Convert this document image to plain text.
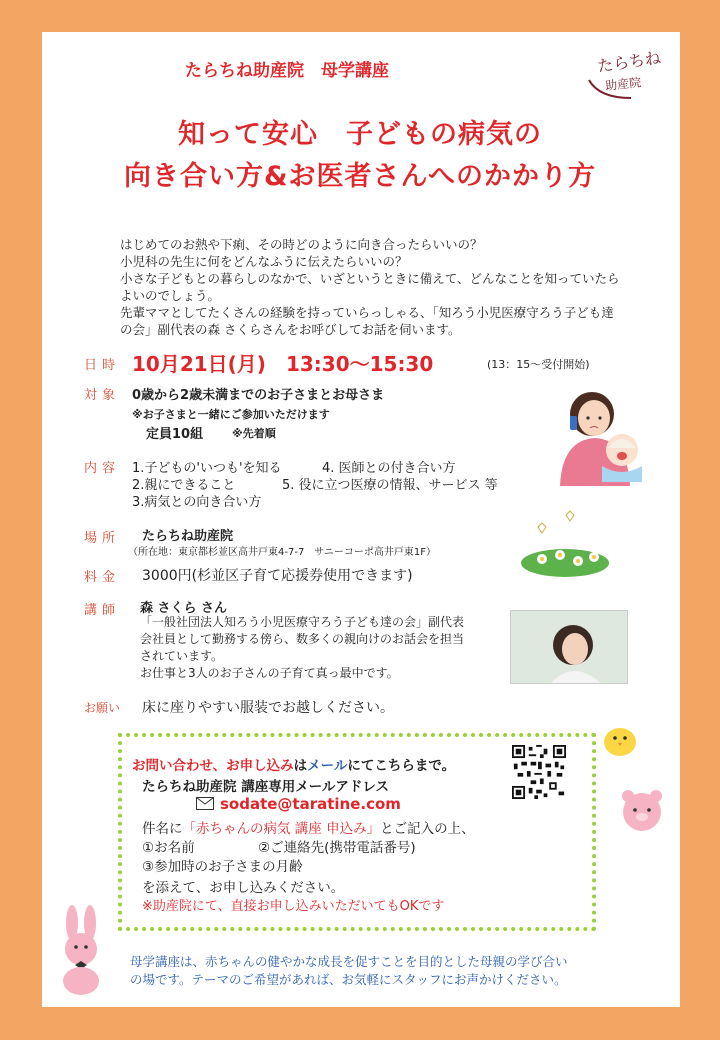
たらちね助産院　母学講座	たらちね
助産院
知って安心　子どもの病気の
向き合い方&お医者さんへのかかり方

はじめてのお熱や下痢、その時どのように向き合ったらいいの？

小児科の先生に何をどんなふうに伝えたらいいの？

小さな子どもとの暮らしのなかで、いざというときに備えて、どんなことを知っていたら

よいのでしょう。

先輩ママとしてたくさんの経験を持っていらっしゃる、「知ろう小児医療守ろう子ども達

の会」副代表の森 さくらさんをお呼びしてお話を伺います。

日時 10月21日(月)　13:30〜15:30	(13：15〜受付開始)
対象 0歳から2歳未満までのお子さまとお母さま
※お子さまと一緒にご参加いただけます
定員10組	※先着順
内容 1.子どもの'いつも'を知る	4. 医師との付き合い方
2.親にできること	5. 役に立つ医療の情報、サービス 等
3.病気との向き合い方
場所 たらちね助産院
（所在地：東京都杉並区高井戸東4-7-7　サニーコーポ高井戸東1F）
料金 3000円(杉並区子育て応援券使用できます)
講師 森 さくら さん
「一般社団法人知ろう小児医療守ろう子ども達の会」副代表
会社員として勤務する傍ら、数多くの親向けのお話会を担当
されています。
お仕事と3人のお子さんの子育て真っ最中です。
お願い 床に座りやすい服装でお越しください。
お問い合わせ、お申し込みはメールにてこちらまで。
たらちね助産院 講座専用メールアドレス
sodate@taratine.com
件名に「赤ちゃんの病気 講座 申込み」とご記入の上、
①お名前	②ご連絡先(携帯電話番号)
③参加時のお子さまの月齢
を添えて、お申し込みください。
※助産院にて、直接お申し込みいただいてもOKです
母学講座は、赤ちゃんの健やかな成長を促すことを目的とした母親の学び合い
の場です。テーマのご希望があれば、お気軽にスタッフにお声かけください。
